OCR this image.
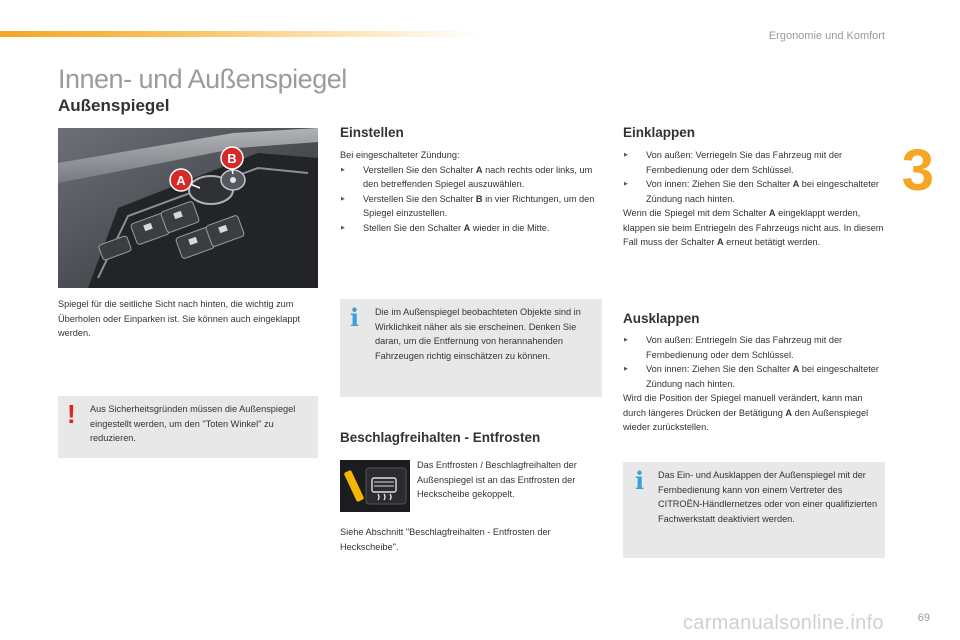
Ergonomie und Komfort
3
Innen- und Außenspiegel
Außenspiegel
A
B
Spiegel für die seitliche Sicht nach hinten, die wichtig zum Überholen oder Einparken ist. Sie können auch eingeklappt werden.
! Aus Sicherheitsgründen müssen die Außenspiegel eingestellt werden, um den "Toten Winkel" zu reduzieren.
Einstellen
Bei eingeschalteter Zündung:
▶ Verstellen Sie den Schalter A nach rechts oder links, um den betreffenden Spiegel auszuwählen.
▶ Verstellen Sie den Schalter B in vier Richtungen, um den Spiegel einzustellen.
▶ Stellen Sie den Schalter A wieder in die Mitte.
i Die im Außenspiegel beobachteten Objekte sind in Wirklichkeit näher als sie erscheinen. Denken Sie daran, um die Entfernung von herannahenden Fahrzeugen richtig einschätzen zu können.
Beschlagfreihalten - Entfrosten
Das Entfrosten / Beschlagfreihalten der Außenspiegel ist an das Entfrosten der Heckscheibe gekoppelt.
Siehe Abschnitt "Beschlagfreihalten - Entfrosten der Heckscheibe".
Einklappen
▶ Von außen: Verriegeln Sie das Fahrzeug mit der Fernbedienung oder dem Schlüssel.
▶ Von innen: Ziehen Sie den Schalter A bei eingeschalteter Zündung nach hinten.
Wenn die Spiegel mit dem Schalter A eingeklappt werden, klappen sie beim Entriegeln des Fahrzeugs nicht aus. In diesem Fall muss der Schalter A erneut betätigt werden.
Ausklappen
▶ Von außen: Entriegeln Sie das Fahrzeug mit der Fernbedienung oder dem Schlüssel.
▶ Von innen: Ziehen Sie den Schalter A bei eingeschalteter Zündung nach hinten.
Wird die Position der Spiegel manuell verändert, kann man durch längeres Drücken der Betätigung A den Außenspiegel wieder zurückstellen.
i Das Ein- und Ausklappen der Außenspiegel mit der Fernbedienung kann von einem Vertreter des CITROËN-Händlernetzes oder von einer qualifizierten Fachwerkstatt deaktiviert werden.
carmanualsonline.info	69
